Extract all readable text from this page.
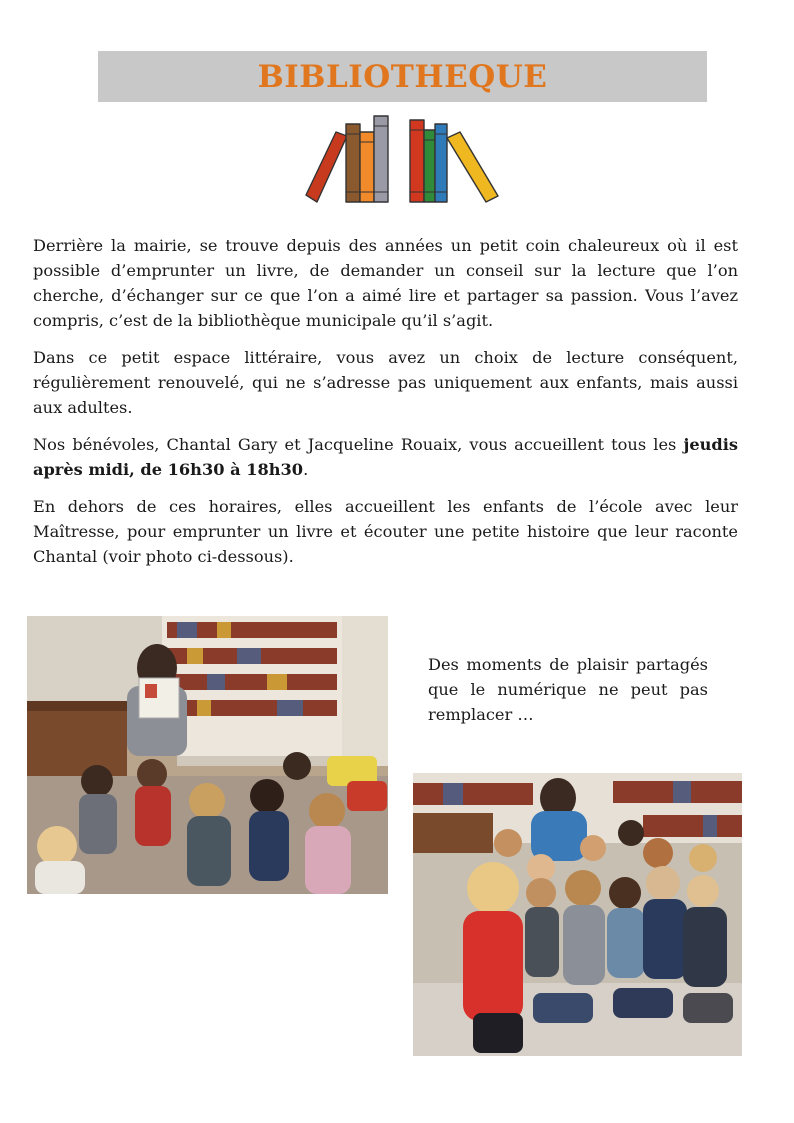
BIBLIOTHEQUE

Derrière la mairie, se trouve depuis des années un petit coin chaleureux où il est possible d’emprunter un livre, de demander un conseil sur la lecture que l’on cherche, d’échanger sur ce que l’on a aimé lire et partager sa passion. Vous l’avez compris, c’est de la bibliothèque municipale qu’il s’agit.

Dans ce petit espace littéraire, vous avez un choix de lecture conséquent, régulièrement renouvelé, qui ne s’adresse pas uniquement aux enfants, mais aussi aux adultes.

Nos bénévoles, Chantal Gary et Jacqueline Rouaix, vous accueillent tous les jeudis après midi, de 16h30 à 18h30.

En dehors de ces horaires, elles accueillent les enfants de l’école avec leur Maîtresse, pour emprunter un livre et écouter une petite histoire que leur raconte Chantal (voir photo ci-dessous).

Des moments de plaisir partagés que le numérique ne peut pas remplacer …
